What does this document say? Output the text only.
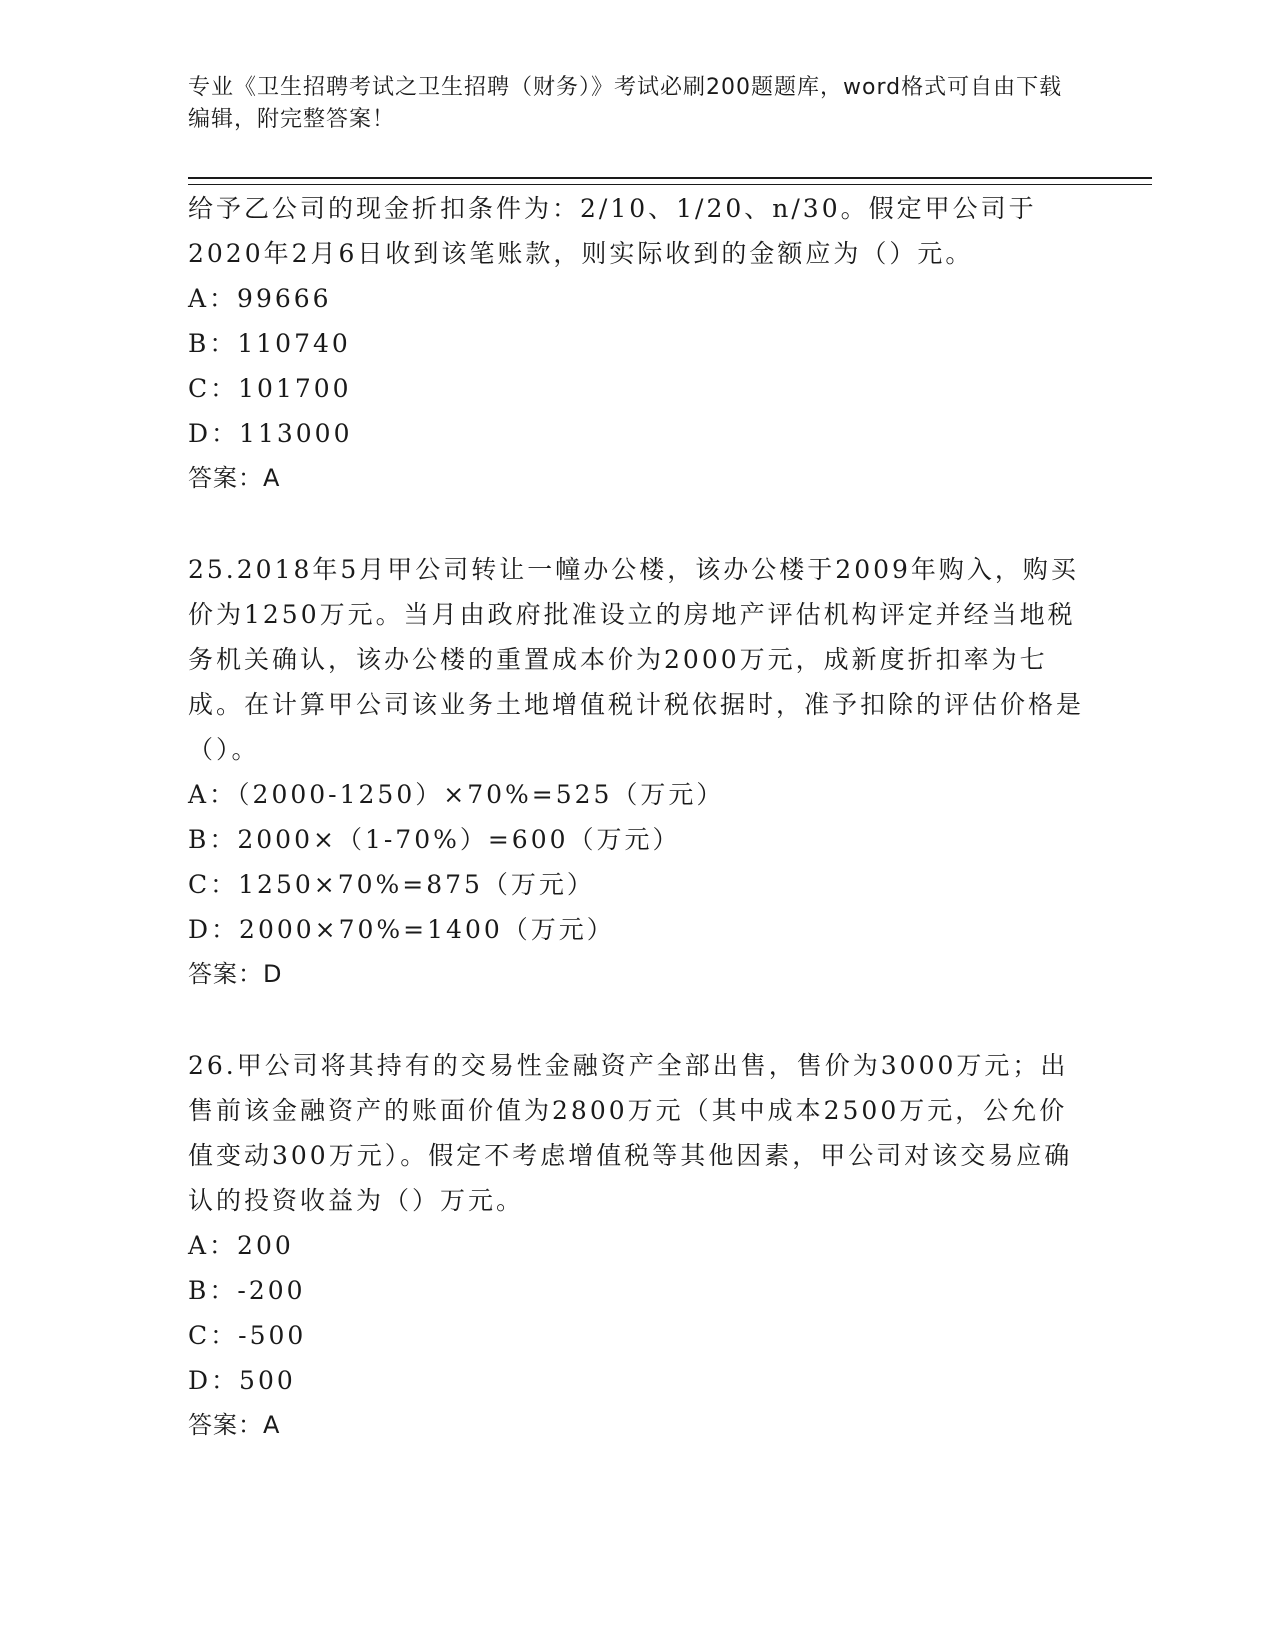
专业《卫生招聘考试之卫生招聘（财务）》考试必刷200题题库，word格式可自由下载编辑，附完整答案！

给予乙公司的现金折扣条件为：2/10、1/20、n/30。假定甲公司于2020年2月6日收到该笔账款，则实际收到的金额应为（）元。

A：99666

B：110740

C：101700

D：113000

答案：A

25.2018年5月甲公司转让一幢办公楼，该办公楼于2009年购入，购买价为1250万元。当月由政府批准设立的房地产评估机构评定并经当地税务机关确认，该办公楼的重置成本价为2000万元，成新度折扣率为七成。在计算甲公司该业务土地增值税计税依据时，准予扣除的评估价格是（）。

A：（2000-1250）×70%=525（万元）

B：2000×（1-70%）=600（万元）

C：1250×70%=875（万元）

D：2000×70%=1400（万元）

答案：D

26.甲公司将其持有的交易性金融资产全部出售，售价为3000万元；出售前该金融资产的账面价值为2800万元（其中成本2500万元，公允价值变动300万元）。假定不考虑增值税等其他因素，甲公司对该交易应确认的投资收益为（）万元。

A：200

B：-200

C：-500

D：500

答案：A
